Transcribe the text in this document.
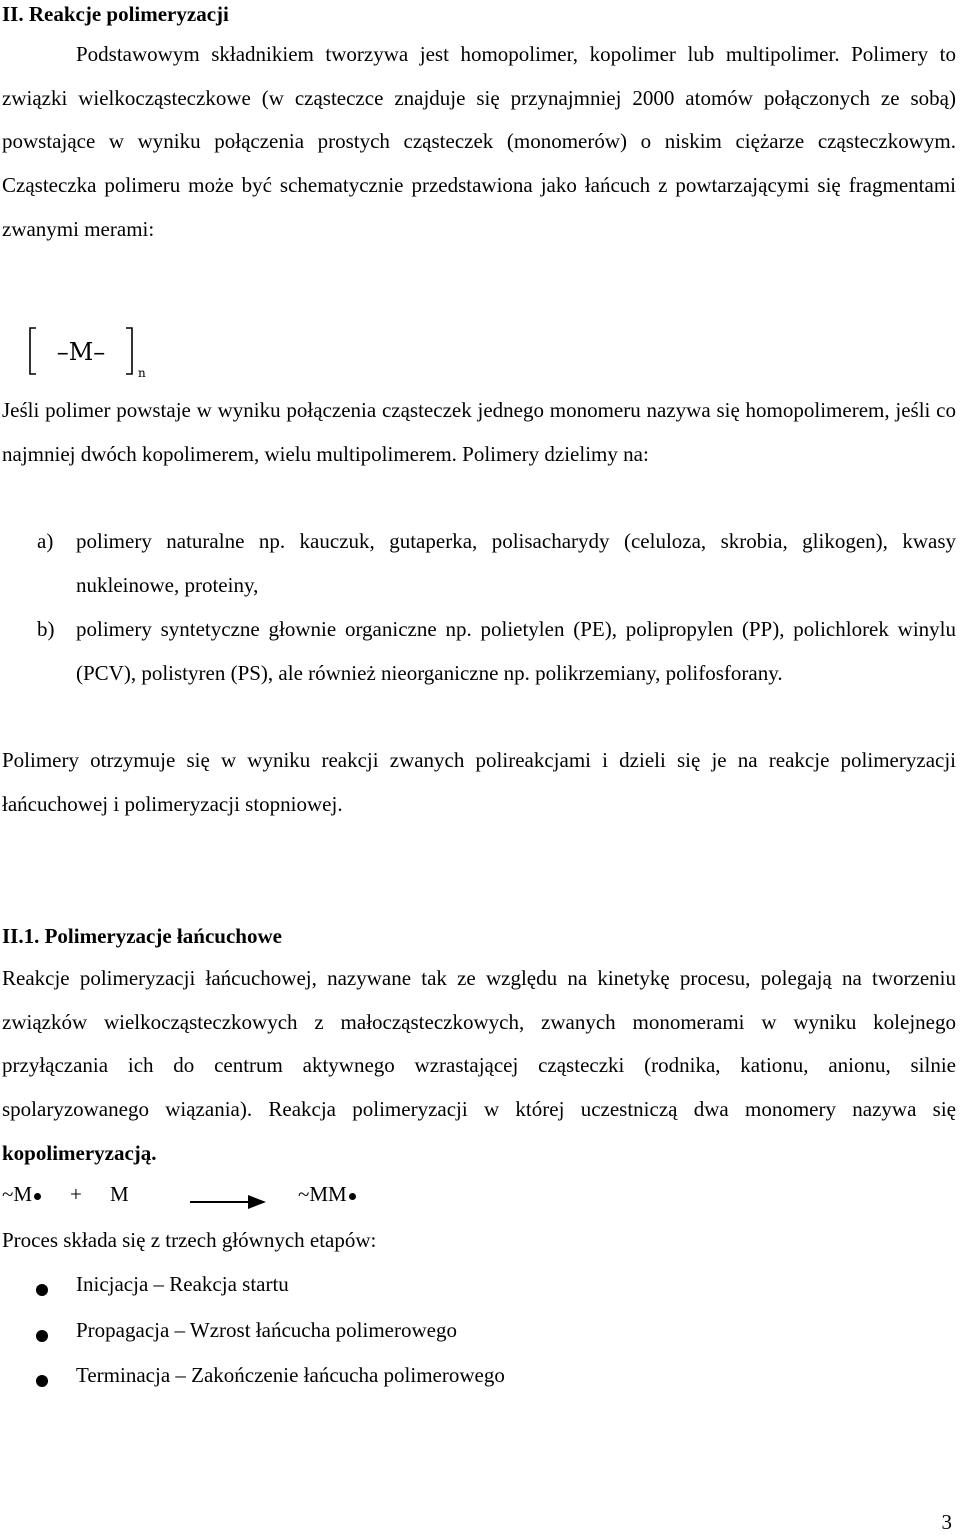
II. Reakcje polimeryzacji

Podstawowym składnikiem tworzywa jest homopolimer, kopolimer lub multipolimer. Polimery to związki wielkocząsteczkowe (w cząsteczce znajduje się przynajmniej 2000 atomów połączonych ze sobą) powstające w wyniku połączenia prostych cząsteczek (monomerów) o niskim ciężarze cząsteczkowym. Cząsteczka polimeru może być schematycznie przedstawiona jako łańcuch z powtarzającymi się fragmentami zwanymi merami:

–M–
n

Jeśli polimer powstaje w wyniku połączenia cząsteczek jednego monomeru nazywa się homopolimerem, jeśli co najmniej dwóch kopolimerem, wielu multipolimerem. Polimery dzielimy na:

a) polimery naturalne np. kauczuk, gutaperka, polisacharydy (celuloza, skrobia, glikogen), kwasy nukleinowe, proteiny,
b) polimery syntetyczne głownie organiczne np. polietylen (PE), polipropylen (PP), polichlorek winylu (PCV), polistyren (PS), ale również nieorganiczne np. polikrzemiany, polifosforany.

Polimery otrzymuje się w wyniku reakcji zwanych polireakcjami i dzieli się je na reakcje polimeryzacji łańcuchowej i polimeryzacji stopniowej.

II.1. Polimeryzacje łańcuchowe

Reakcje polimeryzacji łańcuchowej, nazywane tak ze względu na kinetykę procesu, polegają na tworzeniu związków wielkocząsteczkowych z małocząsteczkowych, zwanych monomerami w wyniku kolejnego przyłączania ich do centrum aktywnego wzrastającej cząsteczki (rodnika, kationu, anionu, silnie spolaryzowanego wiązania). Reakcja polimeryzacji w której uczestniczą dwa monomery nazywa się kopolimeryzacją.

~M	+ M	→ ~MM
Proces składa się z trzech głównych etapów:
Inicjacja – Reakcja startu
Propagacja – Wzrost łańcucha polimerowego
Terminacja – Zakończenie łańcucha polimerowego
3
